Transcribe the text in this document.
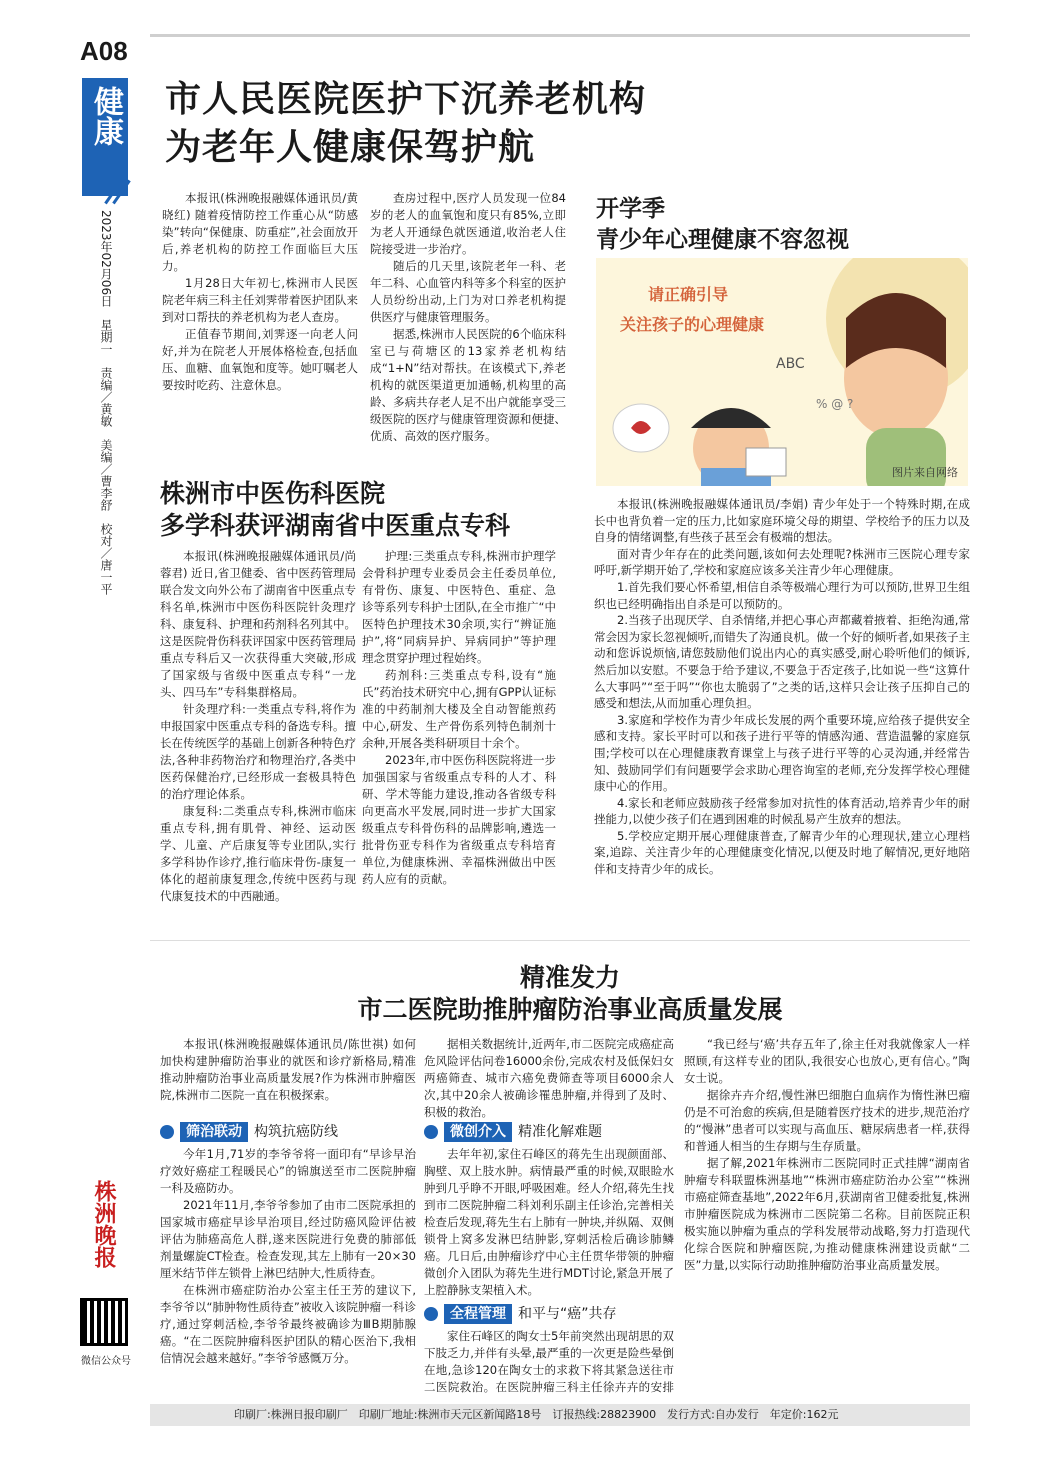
A08
健康
2023年02月06日　星期一　责编／黄敏　美编／曹李舒　校对／唐一平
市人民医院医护下沉养老机构
为老年人健康保驾护航

本报讯(株洲晚报融媒体通讯员/黄晓红) 随着疫情防控工作重心从“防感染”转向“保健康、防重症”,社会面放开后,养老机构的防控工作面临巨大压力。

1月28日大年初七,株洲市人民医院老年病三科主任刘霁带着医护团队来到对口帮扶的养老机构为老人查房。

正值春节期间,刘霁逐一向老人问好,并为在院老人开展体格检查,包括血压、血糖、血氧饱和度等。她叮嘱老人要按时吃药、注意休息。

查房过程中,医疗人员发现一位84岁的老人的血氧饱和度只有85%,立即为老人开通绿色就医通道,收治老人住院接受进一步治疗。

随后的几天里,该院老年一科、老年二科、心血管内科等多个科室的医护人员纷纷出动,上门为对口养老机构提供医疗与健康管理服务。

据悉,株洲市人民医院的6个临床科室已与荷塘区的13家养老机构结成“1+N”结对帮扶。在该模式下,养老机构的就医渠道更加通畅,机构里的高龄、多病共存老人足不出户就能享受三级医院的医疗与健康管理资源和便捷、优质、高效的医疗服务。

开学季
青少年心理健康不容忽视
ABC
% @ ?
请正确引导
关注孩子的心理健康
图片来自网络

本报讯(株洲晚报融媒体通讯员/李娟) 青少年处于一个特殊时期,在成长中也背负着一定的压力,比如家庭环境父母的期望、学校给予的压力以及自身的情绪调整,有些孩子甚至会有极端的想法。

面对青少年存在的此类问题,该如何去处理呢?株洲市三医院心理专家呼吁,新学期开始了,学校和家庭应该多关注青少年心理健康。

1.首先我们要心怀希望,相信自杀等极端心理行为可以预防,世界卫生组织也已经明确指出自杀是可以预防的。

2.当孩子出现厌学、自杀情绪,并把心事心声都藏着掖着、拒绝沟通,常常会因为家长忽视倾听,而错失了沟通良机。做一个好的倾听者,如果孩子主动和您诉说烦恼,请您鼓励他们说出内心的真实感受,耐心聆听他们的倾诉,然后加以安慰。不要急于给予建议,不要急于否定孩子,比如说一些“这算什么大事吗”“至于吗”“你也太脆弱了”之类的话,这样只会让孩子压抑自己的感受和想法,从而加重心理负担。

3.家庭和学校作为青少年成长发展的两个重要环境,应给孩子提供安全感和支持。家长平时可以和孩子进行平等的情感沟通、营造温馨的家庭氛围;学校可以在心理健康教育课堂上与孩子进行平等的心灵沟通,并经常告知、鼓励同学们有问题要学会求助心理咨询室的老师,充分发挥学校心理健康中心的作用。

4.家长和老师应鼓励孩子经常参加对抗性的体育活动,培养青少年的耐挫能力,以使少孩子们在遇到困难的时候乱易产生放弃的想法。

5.学校应定期开展心理健康普查,了解青少年的心理现状,建立心理档案,追踪、关注青少年的心理健康变化情况,以便及时地了解情况,更好地陪伴和支持青少年的成长。

株洲市中医伤科医院
多学科获评湖南省中医重点专科

本报讯(株洲晚报融媒体通讯员/尚蓉君) 近日,省卫健委、省中医药管理局联合发文向外公布了湖南省中医重点专科名单,株洲市中医伤科医院针灸理疗科、康复科、护理和药剂科名列其中。这是医院骨伤科获评国家中医药管理局重点专科后又一次获得重大突破,形成了国家级与省级中医重点专科“一龙头、四马车”专科集群格局。

针灸理疗科:一类重点专科,将作为申报国家中医重点专科的备选专科。擅长在传统医学的基础上创新各种特色疗法,各种非药物治疗和物理治疗,各类中医药保健治疗,已经形成一套极具特色的治疗理论体系。

康复科:二类重点专科,株洲市临床重点专科,拥有肌骨、神经、运动医学、儿童、产后康复等专业团队,实行多学科协作诊疗,推行临床骨伤-康复一体化的超前康复理念,传统中医药与现代康复技术的中西融通。

护理:三类重点专科,株洲市护理学会骨科护理专业委员会主任委员单位,有骨伤、康复、中医特色、重症、急诊等系列专科护士团队,在全市推广“中医特色护理技术30余项,实行“辨证施护”,将“同病异护、异病同护”等护理理念贯穿护理过程始终。

药剂科:三类重点专科,设有“施氏”药治技术研究中心,拥有GPP认证标准的中药制剂大楼及全自动智能煎药中心,研发、生产骨伤系列特色制剂十余种,开展各类科研项目十余个。

2023年,市中医伤科医院将进一步加强国家与省级重点专科的人才、科研、学术等能力建设,推动各省级专科向更高水平发展,同时进一步扩大国家级重点专科骨伤科的品牌影响,遴选一批骨伤亚专科作为省级重点专科培育单位,为健康株洲、幸福株洲做出中医药人应有的贡献。

精准发力
市二医院助推肿瘤防治事业高质量发展

本报讯(株洲晚报融媒体通讯员/陈世祺) 如何加快构建肿瘤防治事业的就医和诊疗新格局,精准推动肿瘤防治事业高质量发展?作为株洲市肿瘤医院,株洲市二医院一直在积极探索。

筛治联动 构筑抗癌防线

今年1月,71岁的李爷爷将一面印有“早诊早治疗效好癌症工程暖民心”的锦旗送至市二医院肿瘤一科及癌防办。

2021年11月,李爷爷参加了由市二医院承担的国家城市癌症早诊早治项目,经过防癌风险评估被评估为肺癌高危人群,遂来医院进行免费的肺部低剂量螺旋CT检查。检查发现,其左上肺有一20×30厘米结节伴左锁骨上淋巴结肿大,性质待查。

在株洲市癌症防治办公室主任王芳的建议下,李爷爷以“肺肿物性质待查”被收入该院肿瘤一科诊疗,通过穿刺活检,李爷爷最终被确诊为ⅢB期肺腺癌。“在二医院肿瘤科医护团队的精心医治下,我相信情况会越来越好。”李爷爷感慨万分。

据相关数据统计,近两年,市二医院完成癌症高危风险评估问卷16000余份,完成农村及低保妇女两癌筛查、城市六癌免费筛查等项目6000余人次,其中20余人被确诊罹患肿瘤,并得到了及时、积极的救治。

微创介入 精准化解难题

去年年初,家住石峰区的蒋先生出现颜面部、胸壁、双上肢水肿。病情最严重的时候,双眼睑水肿到几乎睁不开眼,呼吸困难。经人介绍,蒋先生找到市二医院肿瘤二科刘利乐副主任诊治,完善相关检查后发现,蒋先生右上肺有一肿块,并纵隔、双侧锁骨上窝多发淋巴结肿影,穿刺活检后确诊肺鳞癌。几日后,由肿瘤诊疗中心主任贯华带领的肿瘤微创介入团队为蒋先生进行MDT讨论,紧急开展了上腔静脉支架植入术。

全程管理 和平与“癌”共存

家住石峰区的陶女士5年前突然出现胡思的双下肢乏力,并伴有头晕,最严重的一次更是险些晕倒在地,急诊120在陶女士的求救下将其紧急送往市二医院救治。在医院肿瘤三科主任徐卉卉的安排

“我已经与‘癌’共存五年了,徐主任对我就像家人一样照顾,有这样专业的团队,我很安心也放心,更有信心。”陶女士说。

据徐卉卉介绍,慢性淋巴细胞白血病作为惰性淋巴瘤仍是不可治愈的疾病,但是随着医疗技术的进步,规范治疗的“慢淋”患者可以实现与高血压、糖尿病患者一样,获得和普通人相当的生存期与生存质量。

据了解,2021年株洲市二医院同时正式挂牌“湖南省肿瘤专科联盟株洲基地”“株洲市癌症防治办公室”“株洲市癌症筛查基地”,2022年6月,获湖南省卫健委批复,株洲市肿瘤医院成为株洲市二医院第二名称。目前医院正积极实施以肿瘤为重点的学科发展带动战略,努力打造现代化综合医院和肿瘤医院,为推动健康株洲建设贡献“二医”力量,以实际行动助推肿瘤防治事业高质量发展。

株洲晚报
微信公众号
印刷厂:株洲日报印刷厂　印刷厂地址:株洲市天元区新闻路18号　订报热线:28823900　发行方式:自办发行　年定价:162元
